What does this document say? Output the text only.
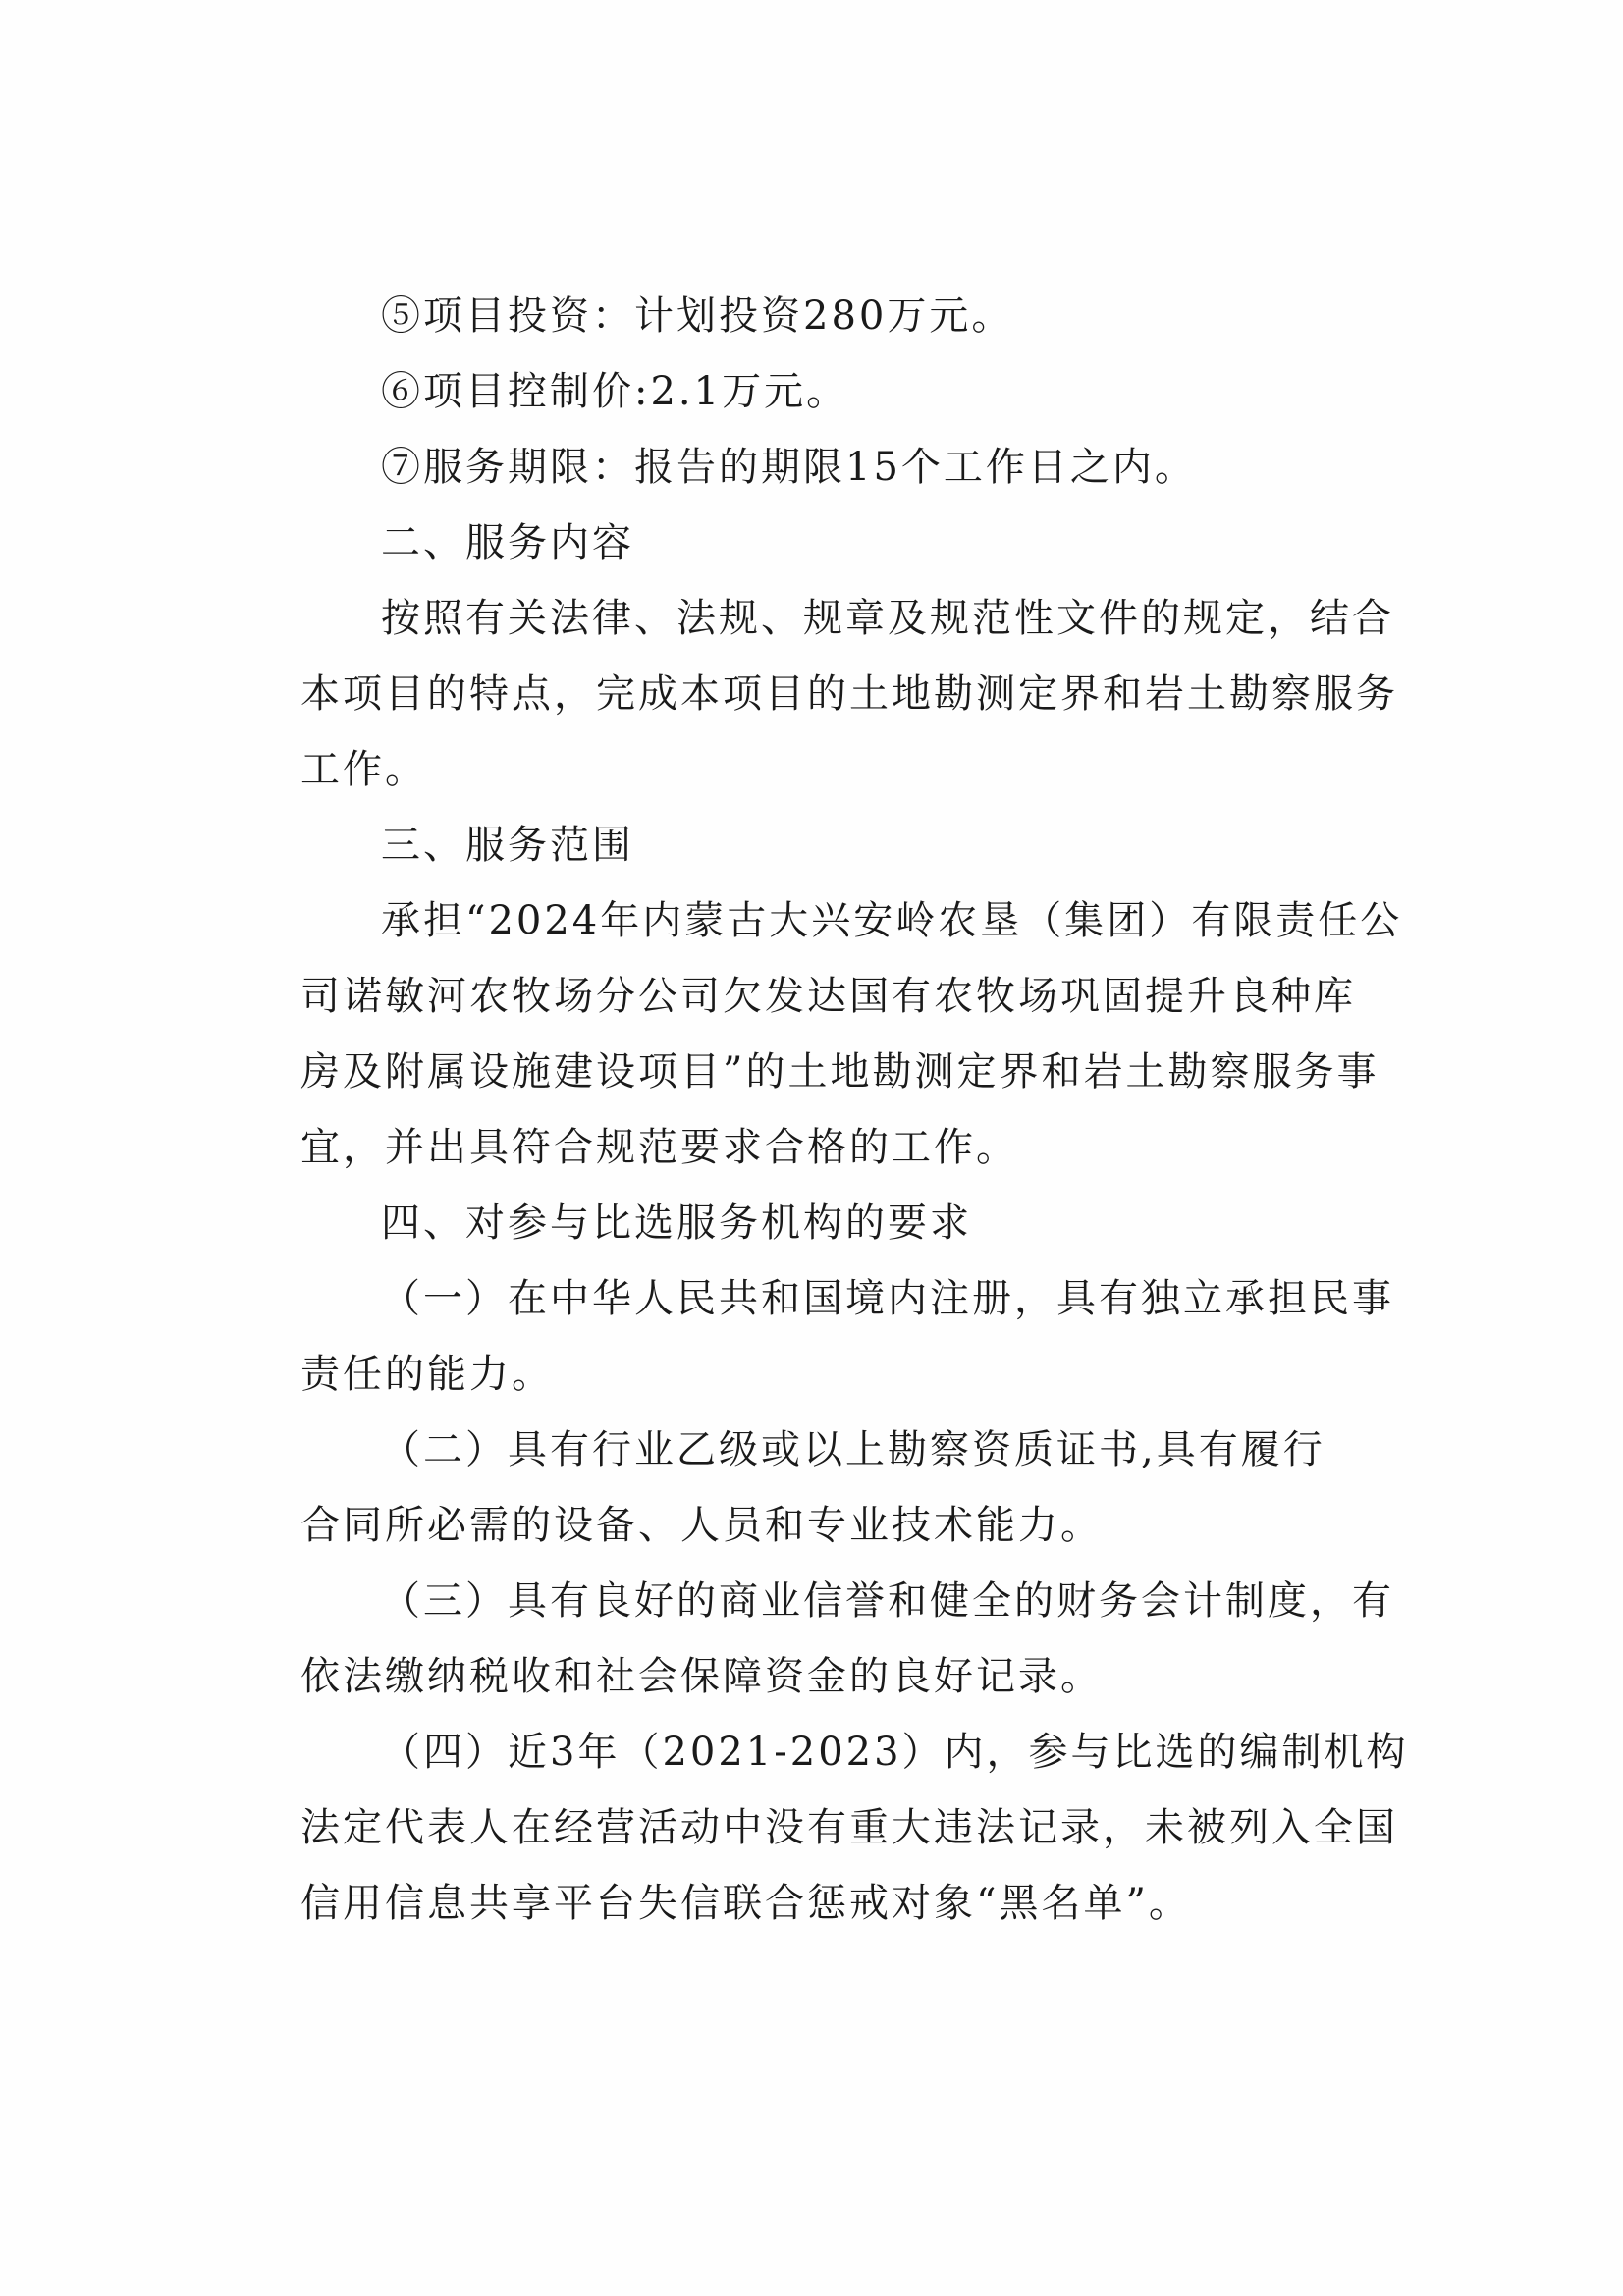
⑤项目投资：计划投资280万元。
⑥项目控制价:2.1万元。
⑦服务期限：报告的期限15个工作日之内。
二、服务内容
按照有关法律、法规、规章及规范性文件的规定，结合
本项目的特点，完成本项目的土地勘测定界和岩土勘察服务
工作。
三、服务范围
承担“2024年内蒙古大兴安岭农垦（集团）有限责任公
司诺敏河农牧场分公司欠发达国有农牧场巩固提升良种库
房及附属设施建设项目”的土地勘测定界和岩土勘察服务事
宜，并出具符合规范要求合格的工作。
四、对参与比选服务机构的要求
（一）在中华人民共和国境内注册，具有独立承担民事
责任的能力。
（二）具有行业乙级或以上勘察资质证书,具有履行
合同所必需的设备、人员和专业技术能力。
（三）具有良好的商业信誉和健全的财务会计制度，有
依法缴纳税收和社会保障资金的良好记录。
（四）近3年（2021-2023）内，参与比选的编制机构
法定代表人在经营活动中没有重大违法记录，未被列入全国
信用信息共享平台失信联合惩戒对象“黑名单”。
